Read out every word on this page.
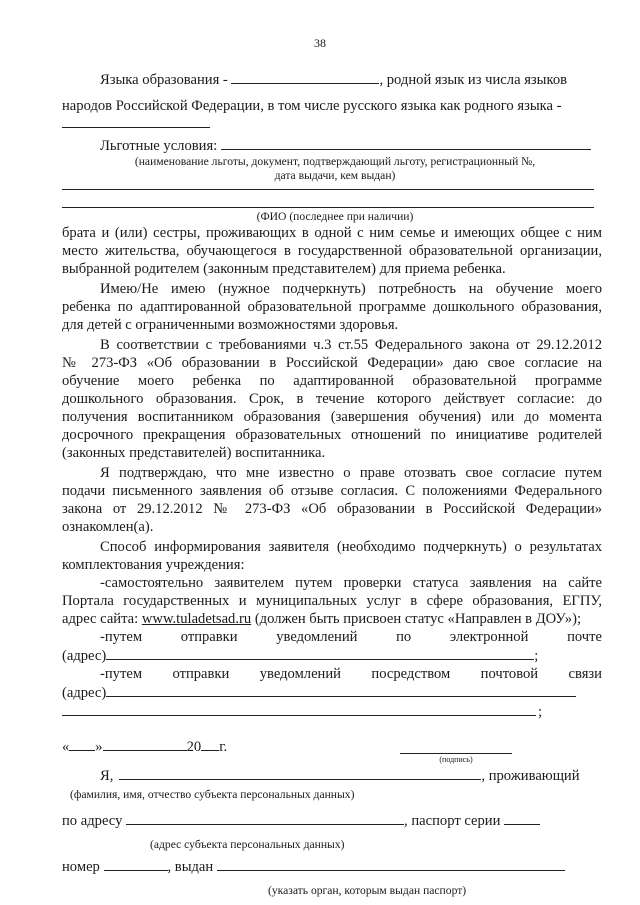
38
Языка образования -	, родной язык из числа языков
народов Российской Федерации, в том числе русского языка как родного языка -
Льготные условия:
(наименование льготы, документ, подтверждающий льготу, регистрационный №,
дата выдачи, кем выдан)
(ФИО (последнее при наличии)
брата и (или) сестры, проживающих в одной с ним семье и имеющих общее с ним
место жительства, обучающегося в государственной образовательной организации,
выбранной родителем (законным представителем) для приема ребенка.
Имею/Не имею (нужное подчеркнуть) потребность на обучение моего
ребенка по адаптированной образовательной программе дошкольного образования,
для детей с ограниченными возможностями здоровья.
В соответствии с требованиями ч.3 ст.55 Федерального закона от 29.12.2012
№ 273-ФЗ «Об образовании в Российской Федерации» даю свое согласие на
обучение моего ребенка по адаптированной образовательной программе
дошкольного образования. Срок, в течение которого действует согласие: до
получения воспитанником образования (завершения обучения) или до момента
досрочного прекращения образовательных отношений по инициативе родителей
(законных представителей) воспитанника.
Я подтверждаю, что мне известно о праве отозвать свое согласие путем
подачи письменного заявления об отзыве согласия. С положениями Федерального
закона от 29.12.2012 № 273-ФЗ «Об образовании в Российской Федерации»
ознакомлен(а).
Способ информирования заявителя (необходимо подчеркнуть) о результатах
комплектования учреждения:
-самостоятельно заявителем путем проверки статуса заявления на сайте
Портала государственных и муниципальных услуг в сфере образования, ЕГПУ,
адрес сайта: www.tuladetsad.ru (должен быть присвоен статус «Направлен в ДОУ»);
-путем отправки уведомлений по электронной почте
(адрес)	;
-путем отправки уведомлений посредством почтовой связи
(адрес)
;
« »	20 г.
(подпись)
Я,	, проживающий
(фамилия, имя, отчество субъекта персональных данных)
по адресу	, паспорт серии
(адрес субъекта персональных данных)
номер	, выдан
(указать орган, которым выдан паспорт)
